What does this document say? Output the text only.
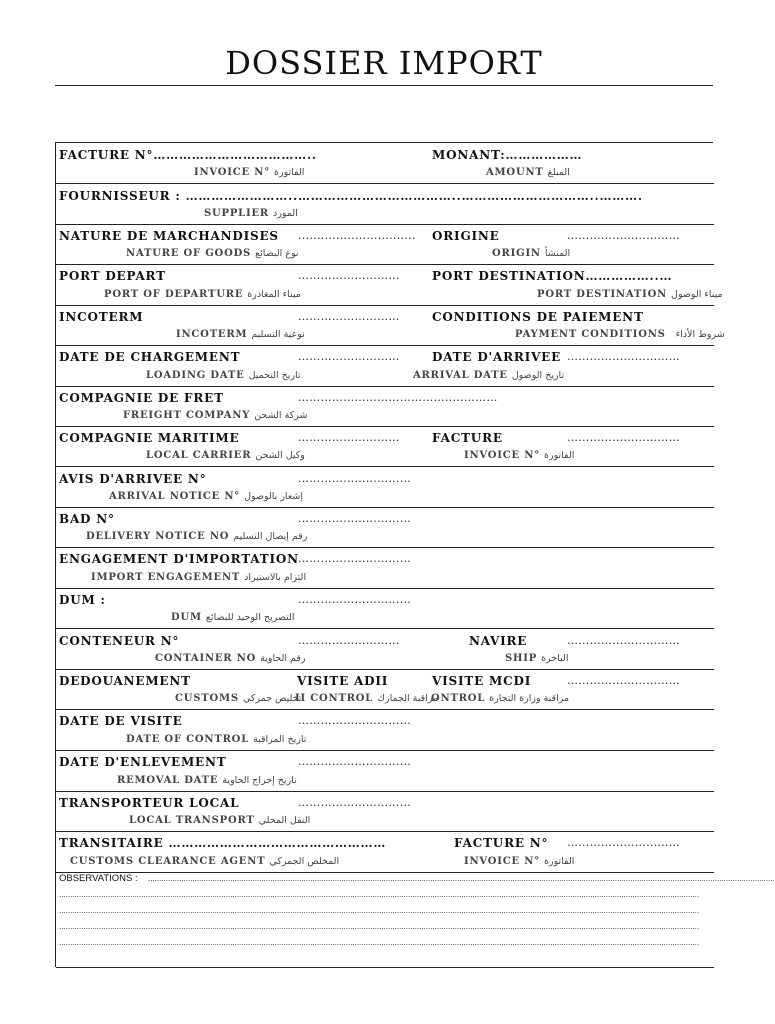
DOSSIER IMPORT
FACTURE N°………………………………..
INVOICE N° الفاتورة
MONANT:………………
AMOUNT المبلغ
FOURNISSEUR : ……………………..………………………………..…………………………..……….
SUPPLIER المورد
NATURE DE MARCHANDISES ...............................
NATURE OF GOODS نوع البضائع
ORIGINE	…………………………
ORIGIN المنشأ
PORT DEPART	………………………
PORT OF DEPARTURE ميناء المغادرة
PORT DESTINATION……………..…
PORT DESTINATION ميناء الوصول
INCOTERM	………………………
INCOTERM نوعية التسليم
CONDITIONS DE PAIEMENT
PAYMENT CONDITIONS شروط الأداء
DATE DE CHARGEMENT	………………………
LOADING DATE تاريخ التحميل
DATE D'ARRIVEE …………………………
ARRIVAL DATE تاريخ الوصول
COMPAGNIE DE FRET	…………………………………..…………
FREIGHT COMPANY شركة الشحن
COMPAGNIE MARITIME	………………………
LOCAL CARRIER وكيل الشحن
FACTURE	…………………………
INVOICE N° الفاتورة
AVIS D'ARRIVEE N°	…………………………
ARRIVAL NOTICE N° إشعار بالوصول
BAD N°	…………………………
DELIVERY NOTICE NO رقم إيصال التسليم
ENGAGEMENT D'IMPORTATION …………………………
IMPORT ENGAGEMENT التزام بالاستيراد
DUM :	…………………………
DUM التصريح الوحيد للبضائع
CONTENEUR N°	………………………
CONTAINER NO رقم الحاوية
NAVIRE	…………………………
SHIP الباخرة
DEDOUANEMENT
CUSTOMS تخليص جمركي
VISITE ADII
II CONTROL مراقبة الجمارك
VISITE MCDI	…………………………
ONTROL مراقبة وزارة التجارة
DATE DE VISITE	…………………………
DATE OF CONTROL تاريخ المراقبة
DATE D'ENLEVEMENT	…………………………
REMOVAL DATE تاريخ إخراج الحاوية
TRANSPORTEUR LOCAL	…………………………
LOCAL TRANSPORT النقل المحلي
TRANSITAIRE ……………………………………………
CUSTOMS CLEARANCE AGENT المخلص الجمركي
FACTURE N° …………………………
INVOICE N° الفاتورة
OBSERVATIONS : ..........................................................................................................................................................................................................................................................................................
................................................................................................................................................................................................................................................................................................
................................................................................................................................................................................................................................................................................................
................................................................................................................................................................................................................................................................................................
................................................................................................................................................................................................................................................................................................
